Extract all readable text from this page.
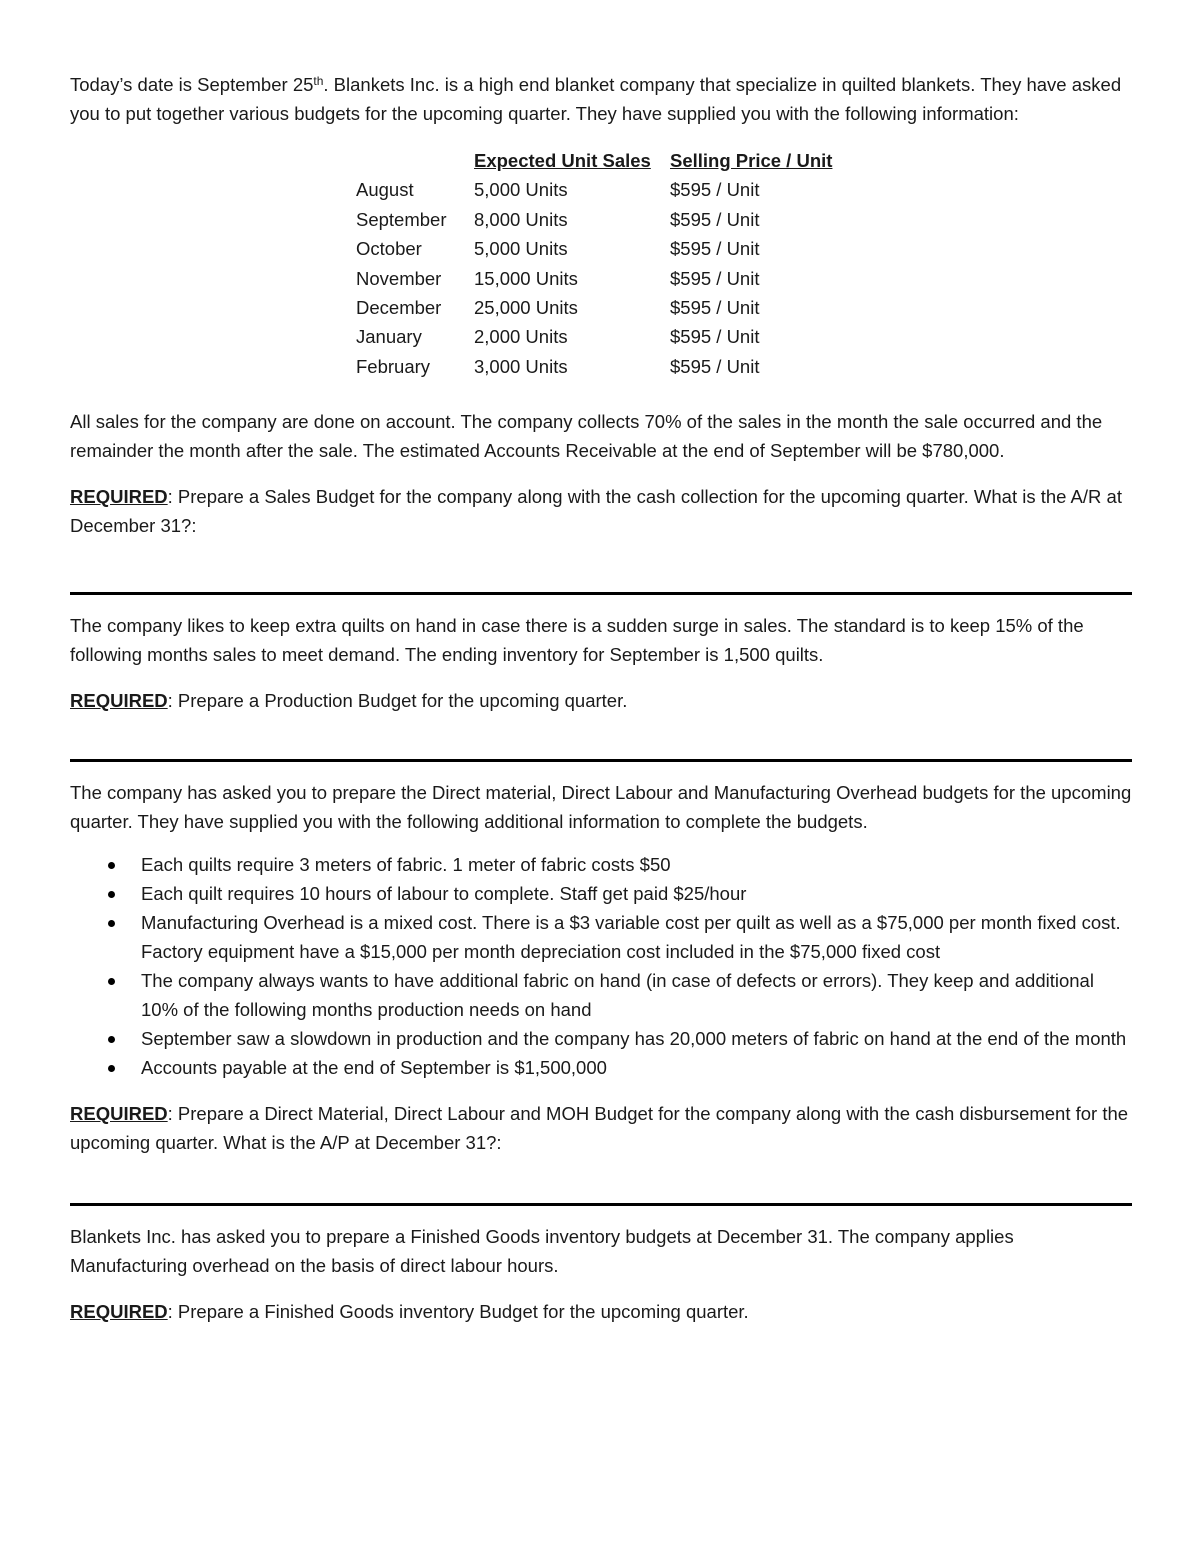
Today’s date is September 25th. Blankets Inc. is a high end blanket company that specialize in quilted blankets. They have asked you to put together various budgets for the upcoming quarter. They have supplied you with the following information:

	Expected Unit Sales	Selling Price / Unit
August	5,000 Units	$595 / Unit
September	8,000 Units	$595 / Unit
October	5,000 Units	$595 / Unit
November	15,000 Units	$595 / Unit
December	25,000 Units	$595 / Unit
January	2,000 Units	$595 / Unit
February	3,000 Units	$595 / Unit

All sales for the company are done on account. The company collects 70% of the sales in the month the sale occurred and the remainder the month after the sale. The estimated Accounts Receivable at the end of September will be $780,000.

REQUIRED: Prepare a Sales Budget for the company along with the cash collection for the upcoming quarter. What is the A/R at December 31?:

The company likes to keep extra quilts on hand in case there is a sudden surge in sales. The standard is to keep 15% of the following months sales to meet demand. The ending inventory for September is 1,500 quilts.

REQUIRED: Prepare a Production Budget for the upcoming quarter.

The company has asked you to prepare the Direct material, Direct Labour and Manufacturing Overhead budgets for the upcoming quarter. They have supplied you with the following additional information to complete the budgets.

Each quilts require 3 meters of fabric. 1 meter of fabric costs $50
Each quilt requires 10 hours of labour to complete. Staff get paid $25/hour
Manufacturing Overhead is a mixed cost. There is a $3 variable cost per quilt as well as a $75,000 per month fixed cost. Factory equipment have a $15,000 per month depreciation cost included in the $75,000 fixed cost
The company always wants to have additional fabric on hand (in case of defects or errors). They keep and additional 10% of the following months production needs on hand
September saw a slowdown in production and the company has 20,000 meters of fabric on hand at the end of the month
Accounts payable at the end of September is $1,500,000

REQUIRED: Prepare a Direct Material, Direct Labour and MOH Budget for the company along with the cash disbursement for the upcoming quarter. What is the A/P at December 31?:

Blankets Inc. has asked you to prepare a Finished Goods inventory budgets at December 31. The company applies Manufacturing overhead on the basis of direct labour hours.

REQUIRED: Prepare a Finished Goods inventory Budget for the upcoming quarter.
